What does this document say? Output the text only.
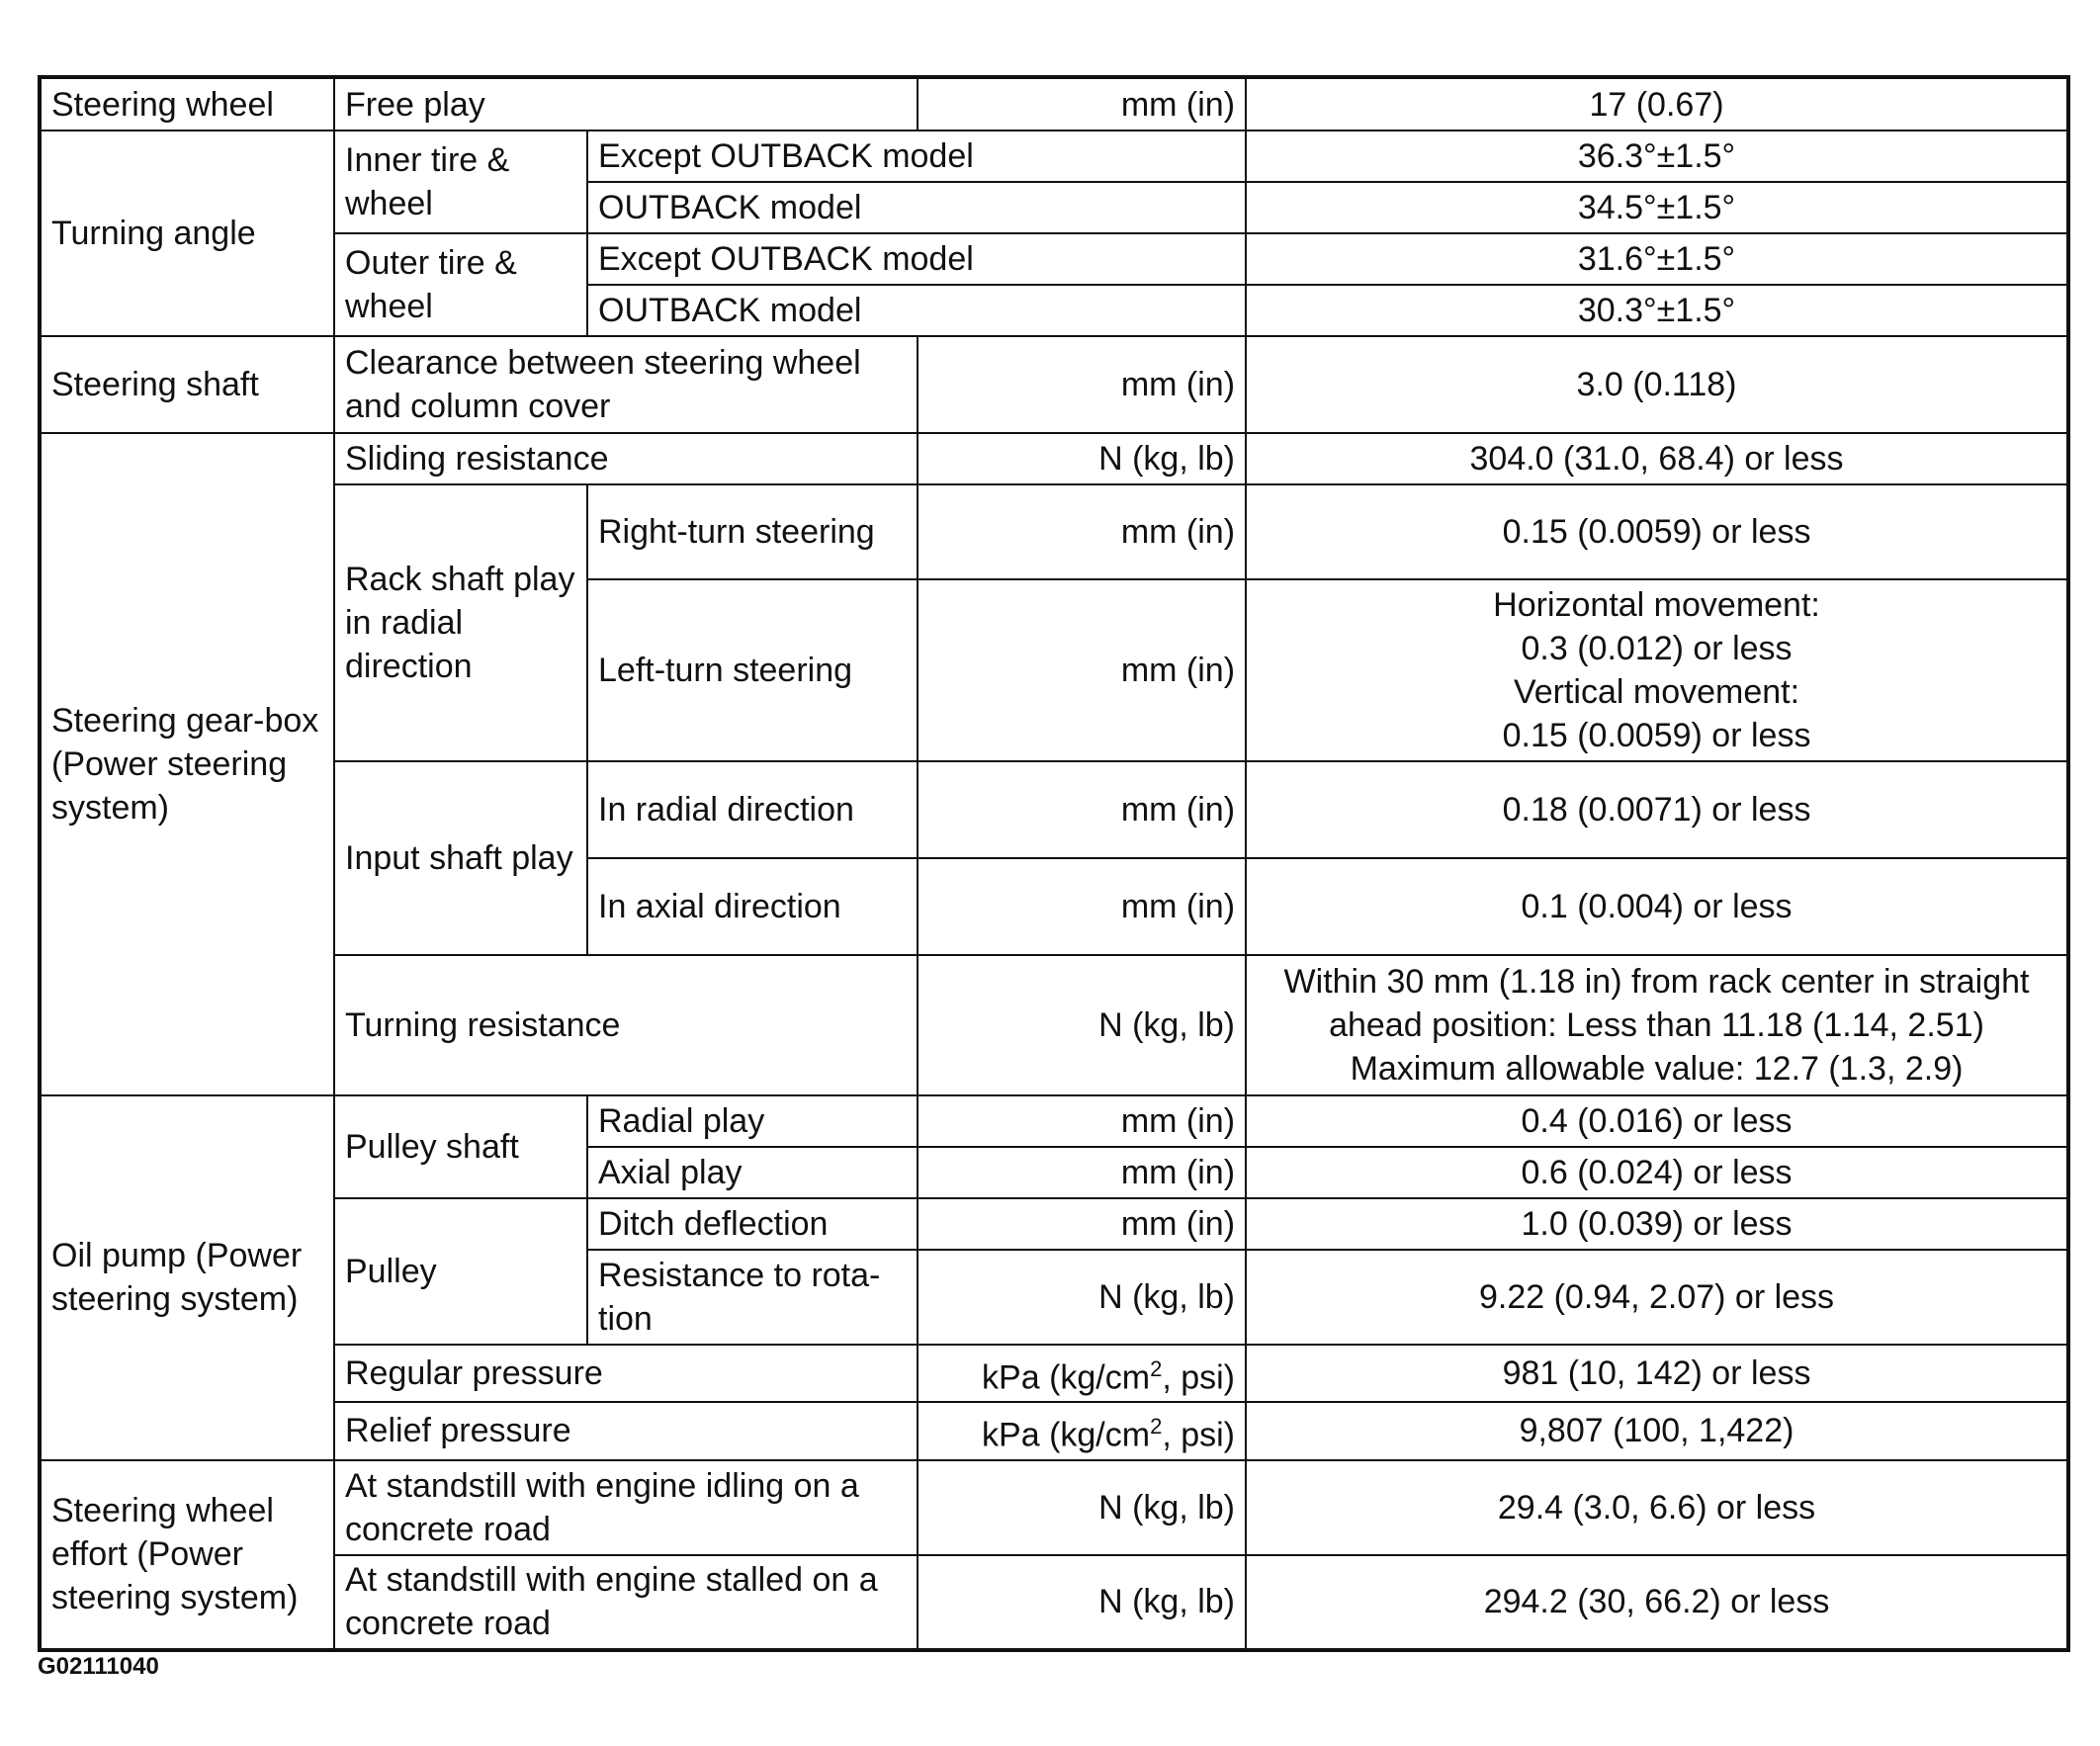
Steering wheel	Free play		mm (in)	17 (0.67)
Turning angle	Inner tire & wheel	Except OUTBACK model		36.3°±1.5°
		OUTBACK model		34.5°±1.5°
	Outer tire & wheel	Except OUTBACK model		31.6°±1.5°
		OUTBACK model		30.3°±1.5°
Steering shaft	Clearance between steering wheel and column cover		mm (in)	3.0 (0.118)
Steering gear-box (Power steering system)	Sliding resistance		N (kg, lb)	304.0 (31.0, 68.4) or less
	Rack shaft play in radial direction	Right-turn steering	mm (in)	0.15 (0.0059) or less
		Left-turn steering	mm (in)	Horizontal movement:
0.3 (0.012) or less
Vertical movement:
0.15 (0.0059) or less

	Input shaft play	In radial direction	mm (in)	0.18 (0.0071) or less
		In axial direction	mm (in)	0.1 (0.004) or less
	Turning resistance		N (kg, lb)	Within 30 mm (1.18 in) from rack center in straight
ahead position: Less than 11.18 (1.14, 2.51)
Maximum allowable value: 12.7 (1.3, 2.9)

Oil pump (Power steering system)	Pulley shaft	Radial play	mm (in)	0.4 (0.016) or less
		Axial play	mm (in)	0.6 (0.024) or less
	Pulley	Ditch deflection	mm (in)	1.0 (0.039) or less
		Resistance to rota-tion	N (kg, lb)	9.22 (0.94, 2.07) or less
	Regular pressure		kPa ($kg/cm^2$, psi)	981 (10, 142) or less
	Relief pressure		kPa ($kg/cm^2$, psi)	9,807 (100, 1,422)
Steering wheel effort (Power steering system)	At standstill with engine idling on a concrete road		N (kg, lb)	29.4 (3.0, 6.6) or less
	At standstill with engine stalled on a concrete road		N (kg, lb)	294.2 (30, 66.2) or less
G02111040
